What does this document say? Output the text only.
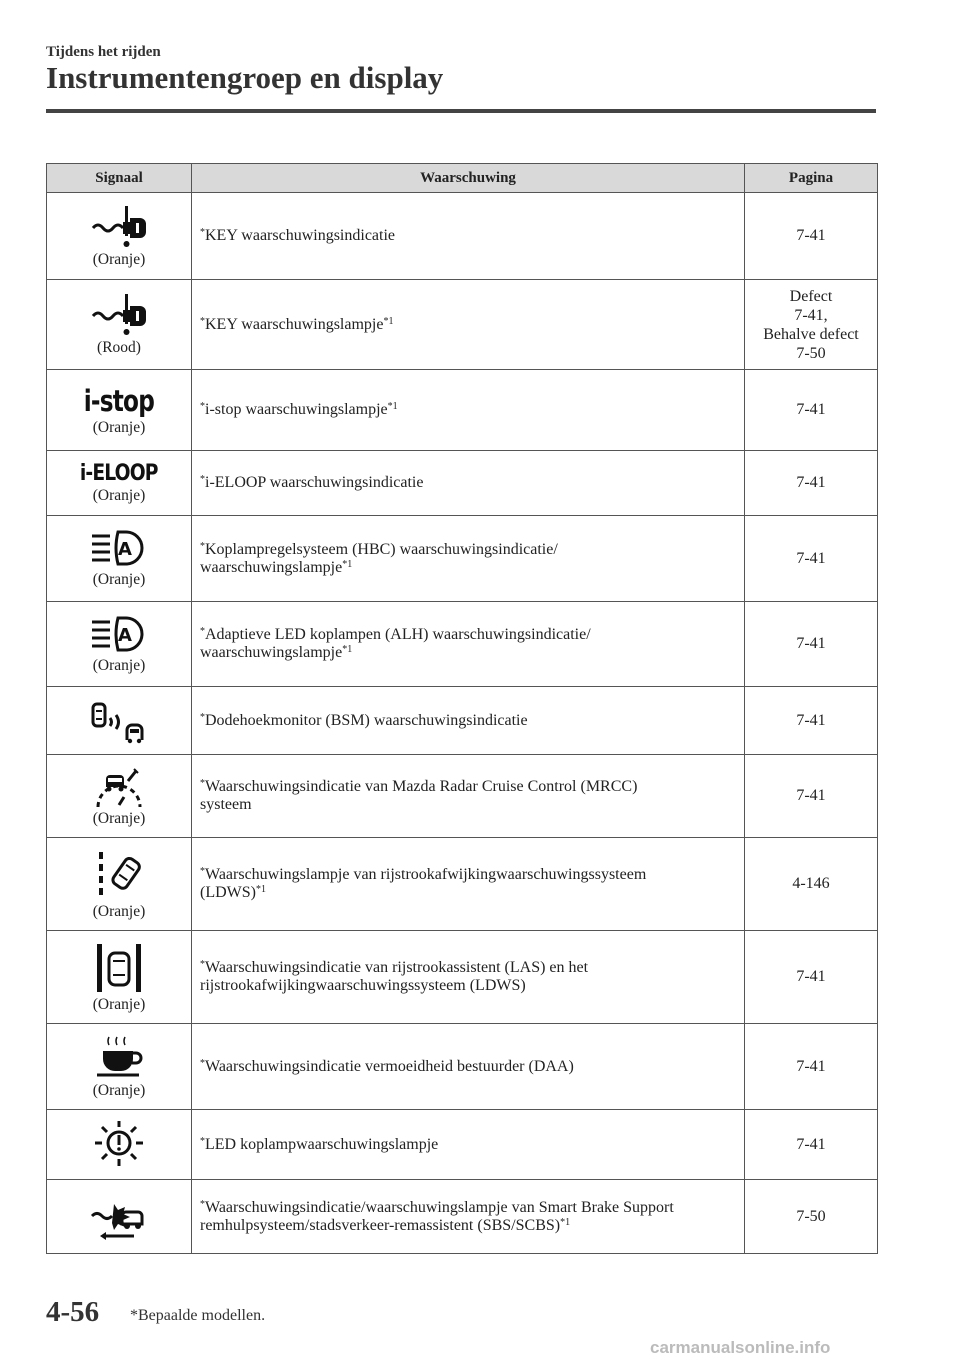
Tijdens het rijden
Instrumentengroep en display
Signaal	Waarschuwing	Pagina

(Oranje)	*KEY waarschuwingsindicatie	7-41

(Rood)	*KEY waarschuwingslampje$^{*1}$	Defect
7-41,
Behalve defect
7-50

i-stop
(Oranje)	*i-stop waarschuwingslampje$^{*1}$	7-41
i-ELOOP
(Oranje)	*i-ELOOP waarschuwingsindicatie	7-41

A
(Oranje)	*Koplampregelsysteem (HBC) waarschuwingsindicatie/
waarschuwingslampje$^{*1}$	7-41

A
(Oranje)	*Adaptieve LED koplampen (ALH) waarschuwingsindicatie/
waarschuwingslampje$^{*1}$	7-41

	*Dodehoekmonitor (BSM) waarschuwingsindicatie	7-41

(Oranje)	*Waarschuwingsindicatie van Mazda Radar Cruise Control (MRCC)
systeem	7-41

(Oranje)	*Waarschuwingslampje van rijstrookafwijkingwaarschuwingssysteem
(LDWS)$^{*1}$	4-146

(Oranje)	*Waarschuwingsindicatie van rijstrookassistent (LAS) en het
rijstrookafwijkingwaarschuwingssysteem (LDWS)	7-41

(Oranje)	*Waarschuwingsindicatie vermoeidheid bestuurder (DAA)	7-41

	*LED koplampwaarschuwingslampje	7-41

	*Waarschuwingsindicatie/waarschuwingslampje van Smart Brake Support
remhulpsysteem/stadsverkeer-remassistent (SBS/SCBS)$^{*1}$	7-50
4-56 *Bepaalde modellen.
carmanualsonline.info
